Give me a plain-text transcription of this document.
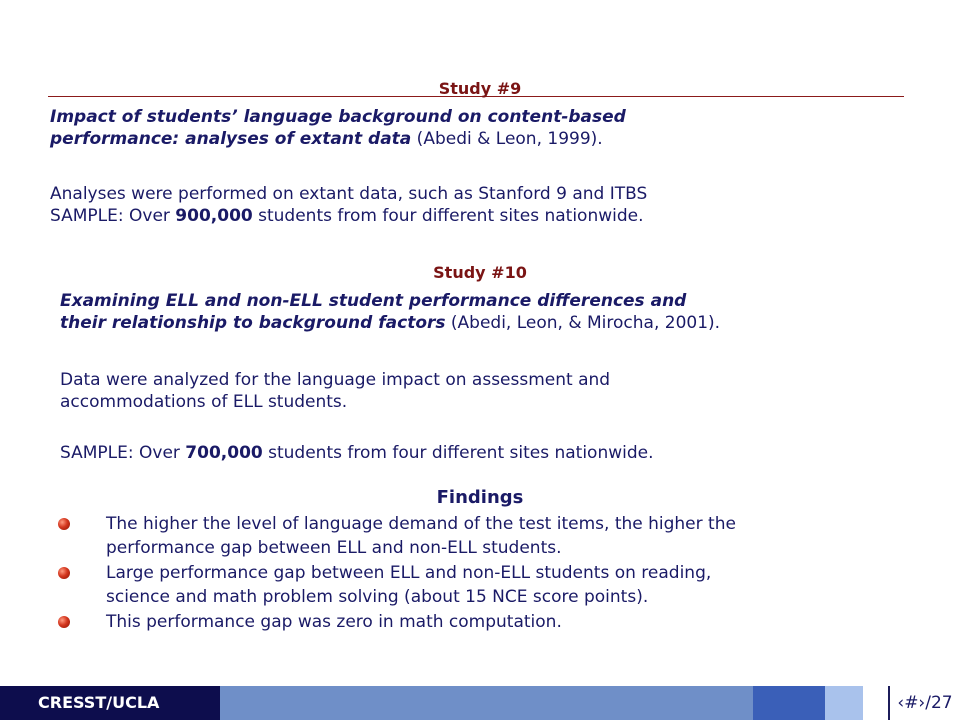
Study #9
Impact of students’ language background on content-based
performance: analyses of extant data (Abedi & Leon, 1999).
Analyses were performed on extant data, such as Stanford 9 and ITBS
SAMPLE: Over 900,000 students from four different sites nationwide.
Study #10
Examining ELL and non-ELL student performance differences and
their relationship to background factors (Abedi, Leon, & Mirocha, 2001).
Data were analyzed for the language impact on assessment and
accommodations of ELL students.
SAMPLE: Over 700,000 students from four different sites nationwide.
Findings
The higher the level of language demand of the test items, the higher the
performance gap between ELL and non-ELL students.
Large performance gap between ELL and non-ELL students on reading,
science and math problem solving (about 15 NCE score points).
This performance gap was zero in math computation.
CRESST/UCLA	‹#›/27
